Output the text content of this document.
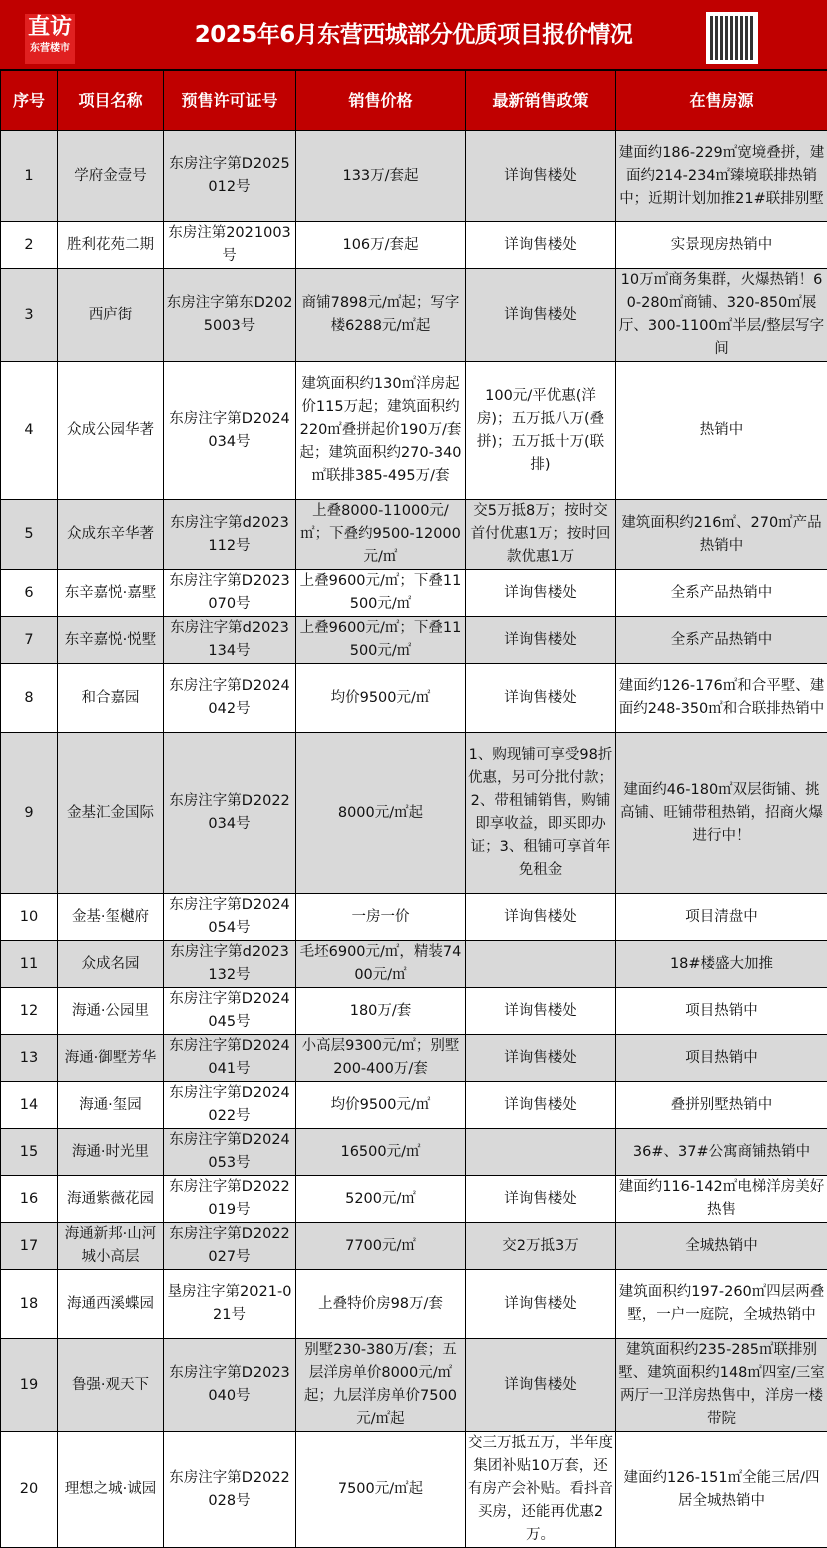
直访
东营楼市
2025年6月东营西城部分优质项目报价情况
序号	项目名称	预售许可证号	销售价格	最新销售政策	在售房源
1	学府金壹号	东房注字第D2025012号	133万/套起	详询售楼处	建面约186-229㎡宽境叠拼，建面约214-234㎡臻境联排热销中；近期计划加推21#联排别墅
2	胜利花苑二期	东房注第2021003号	106万/套起	详询售楼处	实景现房热销中
3	西庐街	东房注字第东D2025003号	商铺7898元/㎡起；写字楼6288元/㎡起	详询售楼处	10万㎡商务集群，火爆热销！60-280㎡商铺、320-850㎡展厅、300-1100㎡半层/整层写字间
4	众成公园华著	东房注字第D2024034号	建筑面积约130㎡洋房起价115万起；建筑面积约220㎡叠拼起价190万/套起；建筑面积约270-340㎡联排385-495万/套	100元/平优惠(洋房)；五万抵八万(叠拼)；五万抵十万(联排)	热销中
5	众成东辛华著	东房注字第d2023112号	上叠8000-11000元/㎡；下叠约9500-12000元/㎡	交5万抵8万；按时交首付优惠1万；按时回款优惠1万	建筑面积约216㎡、270㎡产品热销中
6	东辛嘉悦·嘉墅	东房注字第D2023070号	上叠9600元/㎡；下叠11500元/㎡	详询售楼处	全系产品热销中
7	东辛嘉悦·悦墅	东房注字第d2023134号	上叠9600元/㎡；下叠11500元/㎡	详询售楼处	全系产品热销中
8	和合嘉园	东房注字第D2024042号	均价9500元/㎡	详询售楼处	建面约126-176㎡和合平墅、建面约248-350㎡和合联排热销中
9	金基汇金国际	东房注字第D2022034号	8000元/㎡起	1、购现铺可享受98折优惠，另可分批付款；2、带租铺销售，购铺即享收益，即买即办证；3、租铺可享首年免租金	建面约46-180㎡双层街铺、挑高铺、旺铺带租热销，招商火爆进行中！
10	金基·玺樾府	东房注字第D2024054号	一房一价	详询售楼处	项目清盘中
11	众成名园	东房注字第d2023132号	毛坯6900元/㎡，精装7400元/㎡		18#楼盛大加推
12	海通·公园里	东房注字第D2024045号	180万/套	详询售楼处	项目热销中
13	海通·御墅芳华	东房注字第D2024041号	小高层9300元/㎡；别墅200-400万/套	详询售楼处	项目热销中
14	海通·玺园	东房注字第D2024022号	均价9500元/㎡	详询售楼处	叠拼别墅热销中
15	海通·时光里	东房注字第D2024053号	16500元/㎡		36#、37#公寓商铺热销中
16	海通紫薇花园	东房注字第D2022019号	5200元/㎡	详询售楼处	建面约116-142㎡电梯洋房美好热售
17	海通新邦·山河城小高层	东房注字第D2022027号	7700元/㎡	交2万抵3万	全城热销中
18	海通西溪蝶园	垦房注字第2021-021号	上叠特价房98万/套	详询售楼处	建筑面积约197-260㎡四层两叠墅，一户一庭院，全城热销中
19	鲁强·观天下	东房注字第D2023040号	别墅230-380万/套；五层洋房单价8000元/㎡起；九层洋房单价7500元/㎡起	详询售楼处	建筑面积约235-285㎡联排别墅、建筑面积约148㎡四室/三室两厅一卫洋房热售中，洋房一楼带院
20	理想之城·诚园	东房注字第D2022028号	7500元/㎡起	交三万抵五万，半年度集团补贴10万套，还有房产会补贴。看抖音买房，还能再优惠2万。	建面约126-151㎡全能三居/四居全城热销中
